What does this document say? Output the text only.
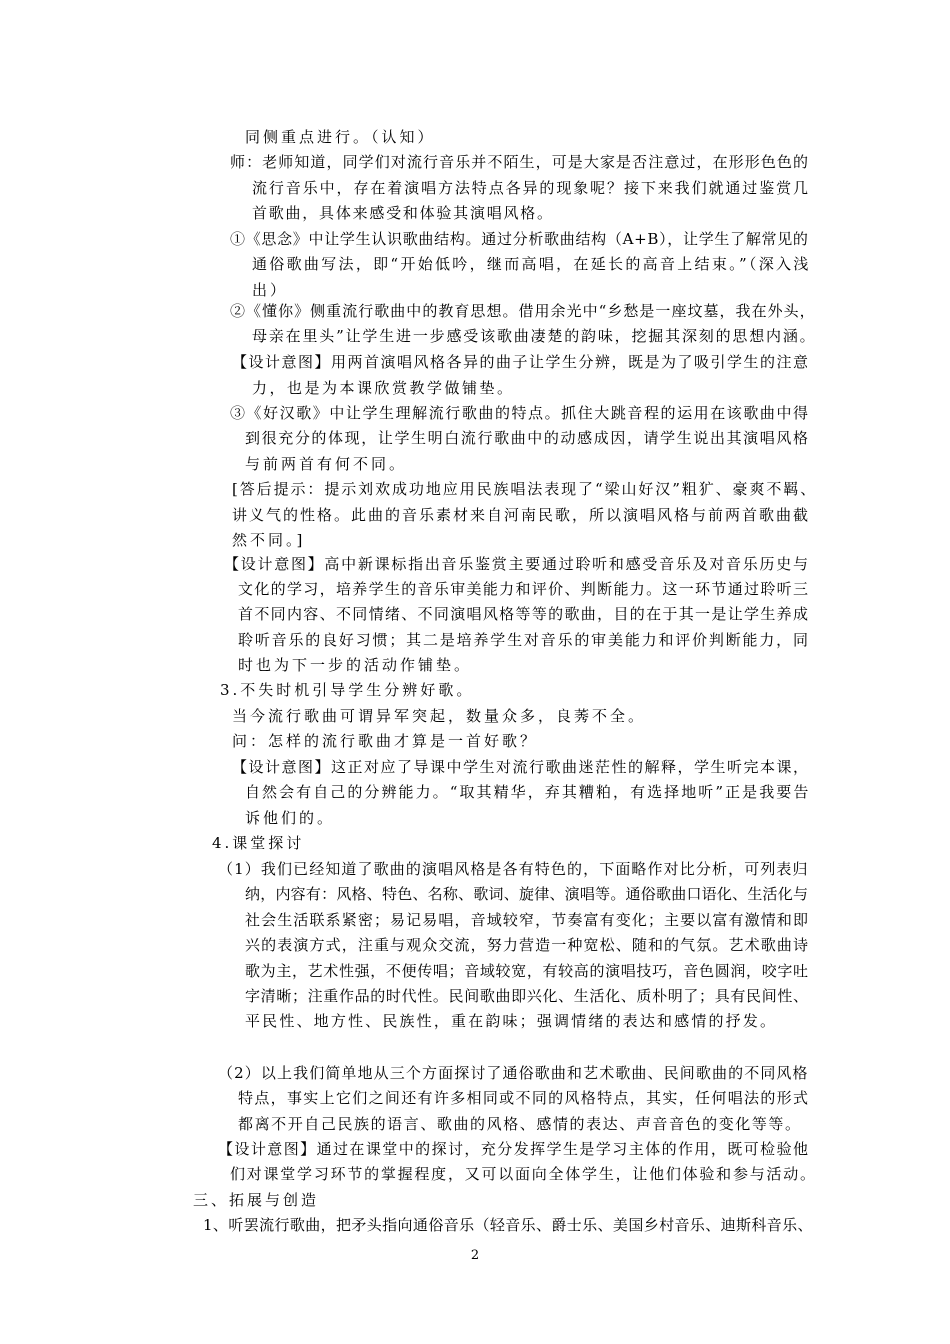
同侧重点进行。（认知）
师：老师知道，同学们对流行音乐并不陌生，可是大家是否注意过，在形形色色的
流行音乐中，存在着演唱方法特点各异的现象呢？接下来我们就通过鉴赏几
首歌曲，具体来感受和体验其演唱风格。
①《思念》中让学生认识歌曲结构。通过分析歌曲结构（A+B），让学生了解常见的
通俗歌曲写法，即“开始低吟，继而高唱，在延长的高音上结束。”（深入浅
出）
②《懂你》侧重流行歌曲中的教育思想。借用余光中“乡愁是一座坟墓，我在外头，
母亲在里头”让学生进一步感受该歌曲凄楚的韵味，挖掘其深刻的思想内涵。
【设计意图】用两首演唱风格各异的曲子让学生分辨，既是为了吸引学生的注意
力，也是为本课欣赏教学做铺垫。
③《好汉歌》中让学生理解流行歌曲的特点。抓住大跳音程的运用在该歌曲中得
到很充分的体现，让学生明白流行歌曲中的动感成因，请学生说出其演唱风格
与前两首有何不同。
[答后提示：提示刘欢成功地应用民族唱法表现了“梁山好汉”粗犷、豪爽不羁、
讲义气的性格。此曲的音乐素材来自河南民歌，所以演唱风格与前两首歌曲截
然不同。]
【设计意图】高中新课标指出音乐鉴赏主要通过聆听和感受音乐及对音乐历史与
文化的学习，培养学生的音乐审美能力和评价、判断能力。这一环节通过聆听三
首不同内容、不同情绪、不同演唱风格等等的歌曲，目的在于其一是让学生养成
聆听音乐的良好习惯；其二是培养学生对音乐的审美能力和评价判断能力，同
时也为下一步的活动作铺垫。
3.不失时机引导学生分辨好歌。
当今流行歌曲可谓异军突起，数量众多，良莠不全。
问：怎样的流行歌曲才算是一首好歌？
【设计意图】这正对应了导课中学生对流行歌曲迷茫性的解释，学生听完本课，
自然会有自己的分辨能力。“取其精华，弃其糟粕，有选择地听”正是我要告
诉他们的。
4.课堂探讨
（1）我们已经知道了歌曲的演唱风格是各有特色的，下面略作对比分析，可列表归
纳，内容有：风格、特色、名称、歌词、旋律、演唱等。通俗歌曲口语化、生活化与
社会生活联系紧密；易记易唱，音域较窄，节奏富有变化；主要以富有激情和即
兴的表演方式，注重与观众交流，努力营造一种宽松、随和的气氛。艺术歌曲诗
歌为主，艺术性强，不便传唱；音域较宽，有较高的演唱技巧，音色圆润，咬字吐
字清晰；注重作品的时代性。民间歌曲即兴化、生活化、质朴明了；具有民间性、
平民性、地方性、民族性，重在韵味；强调情绪的表达和感情的抒发。
（2）以上我们简单地从三个方面探讨了通俗歌曲和艺术歌曲、民间歌曲的不同风格
特点，事实上它们之间还有许多相同或不同的风格特点，其实，任何唱法的形式
都离不开自己民族的语言、歌曲的风格、感情的表达、声音音色的变化等等。
【设计意图】通过在课堂中的探讨，充分发挥学生是学习主体的作用，既可检验他
们对课堂学习环节的掌握程度，又可以面向全体学生，让他们体验和参与活动。
三、拓展与创造
1、听罢流行歌曲，把矛头指向通俗音乐（轻音乐、爵士乐、美国乡村音乐、迪斯科音乐、
2
